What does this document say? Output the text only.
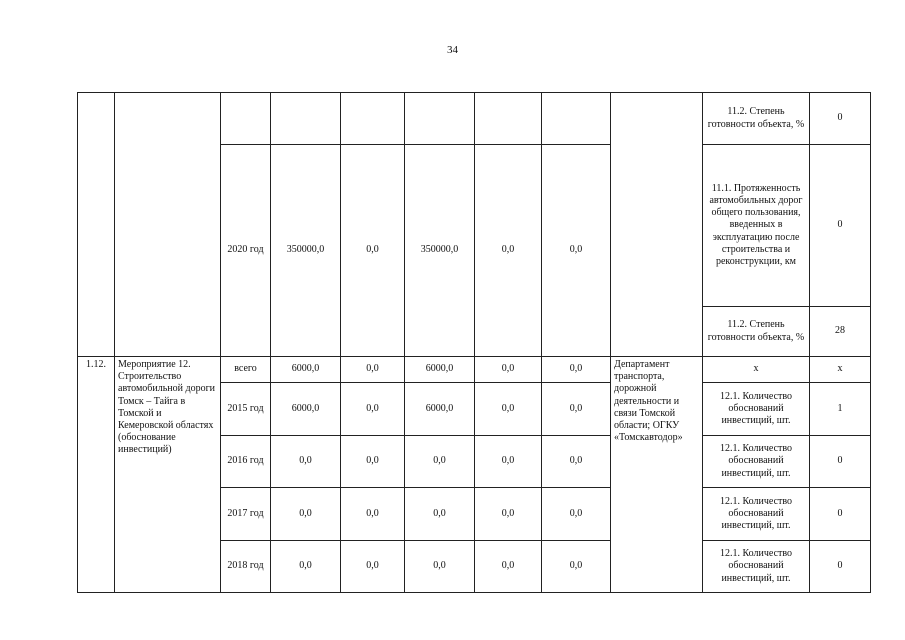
34
									11.2. Степень готовности объекта, %	0
		2020 год	350000,0	0,0	350000,0	0,0	0,0		11.1. Протяженность автомобильных дорог общего пользования, введенных в эксплуатацию после строительства и реконструкции, км	0
									11.2. Степень готовности объекта, %	28
1.12.	Мероприятие 12. Строительство автомобильной дороги Томск – Тайга в Томской и Кемеровской областях (обоснование инвестиций)	всего	6000,0	0,0	6000,0	0,0	0,0	Департамент транспорта, дорожной деятельности и связи Томской области; ОГКУ «Томскавтодор»	х	х
		2015 год	6000,0	0,0	6000,0	0,0	0,0		12.1. Количество обоснований инвестиций, шт.	1
		2016 год	0,0	0,0	0,0	0,0	0,0		12.1. Количество обоснований инвестиций, шт.	0
		2017 год	0,0	0,0	0,0	0,0	0,0		12.1. Количество обоснований инвестиций, шт.	0
		2018 год	0,0	0,0	0,0	0,0	0,0		12.1. Количество обоснований инвестиций, шт.	0
